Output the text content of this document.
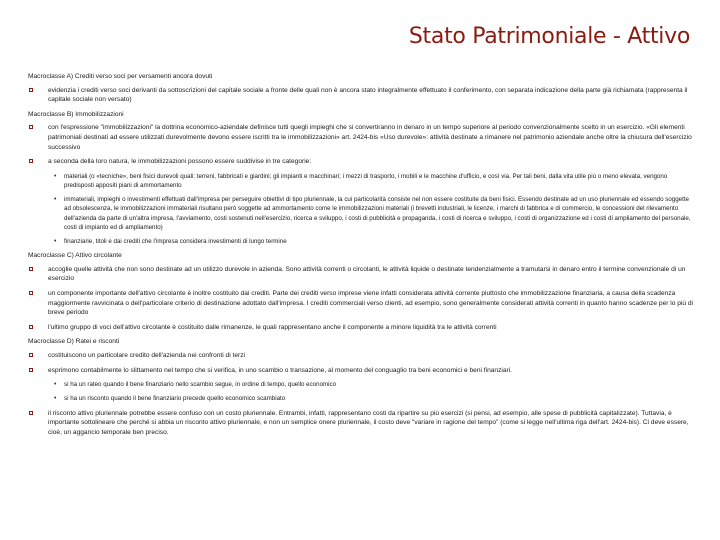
Stato Patrimoniale - Attivo
Macroclasse A) Crediti verso soci per versamenti ancora dovuti
evidenzia i crediti verso soci derivanti da sottoscrizioni del capitale sociale a fronte delle quali non è ancora stato integralmente effettuato il conferimento, con separata indicazione della parte già richiamata (rappresenta il capitale sociale non versato)
Macroclasse B) Immobilizzazioni
con l'espressione "immobilizzazioni" la dottrina economico-aziendale definisce tutti quegli impieghi che si convertiranno in denaro in un tempo superiore al periodo convenzionalmente scelto in un esercizio. «Gli elementi patrimoniali destinati ad essere utilizzati durevolmente devono essere iscritti tra le immobilizzazioni» art. 2424-bis «Uso durevole»: attività destinate a rimanere nel patrimonio aziendale anche oltre la chiusura dell'esercizio successivo
a seconda della loro natura, le immobilizzazioni possono essere suddivise in tre categorie:
• materiali (o «tecniche», beni fisici durevoli quali: terreni, fabbricati e giardini; gli impianti e macchinari; i mezzi di trasporto, i mobili e le macchine d'ufficio, e così via. Per tali beni, dalla vita utile più o meno elevata, vengono predisposti appositi piani di ammortamento
• immateriali, impieghi o investimenti effettuati dall'impresa per perseguire obiettivi di tipo pluriennale, la cui particolarità consiste nel non essere costituite da beni fisici. Essendo destinate ad un uso pluriennale ed essendo soggette ad obsolescenza, le immobilizzazioni immateriali risultano però soggette ad ammortamento come le immobilizzazioni materiali (i brevetti industriali, le licenze, i marchi di fabbrica e di commercio, le concessioni del rilevamento dell'azienda da parte di un'altra impresa, l'avviamento, costi sostenuti nell'esercizio, ricerca e sviluppo, i costi di pubblicità e propaganda, i costi di ricerca e sviluppo, i costi di organizzazione ed i costi di ampliamento del personale, costi di impianto ed di ampliamento)
• finanziarie, titoli e dai crediti che l'impresa considera investimenti di lungo termine
Macroclasse C) Attivo circolante
accoglie quelle attività che non sono destinate ad un utilizzo durevole in azienda. Sono attività correnti o circolanti, le attività liquide o destinate tendenzialmente a tramutarsi in denaro entro il termine convenzionale di un esercizio
un componente importante dell'attivo circolante è inoltre costituito dai crediti. Parte dei crediti verso imprese viene infatti considerata attività corrente piuttosto che immobilizzazione finanziaria, a causa della scadenza maggiormente ravvicinata o dell'particolare criterio di destinazione adottato dall'impresa. I crediti commerciali verso clienti, ad esempio, sono generalmente considerati attività correnti in quanto hanno scadenze per lo più di breve periodo
l'ultimo gruppo di voci dell'attivo circolante è costituito dalle rimanenze, le quali rappresentano anche il componente a minore liquidità tra le attività correnti
Macroclasse D) Ratei e risconti
costituiscono un particolare credito dell'azienda nei confronti di terzi
esprimono contabilmente lo slittamento nel tempo che si verifica, in uno scambio o transazione, al momento del conguaglio tra beni economici e beni finanziari.
• si ha un rateo quando il bene finanziario nello scambio segue, in ordine di tempo, quello economico
• si ha un risconto quando il bene finanziario precede quello economico scambiato
il risconto attivo pluriennale potrebbe essere confuso con un costo pluriennale. Entrambi, infatti, rappresentano costi da ripartire su più esercizi (si pensi, ad esempio, alle spese di pubblicità capitalizzate). Tuttavia, è importante sottolineare che perché si abbia un risconto attivo pluriennale, e non un semplice onere pluriennale, il costo deve "variare in ragione del tempo" (come si legge nell'ultima riga dell'art. 2424-bis). Ci deve essere, cioè, un aggancio temporale ben preciso.
